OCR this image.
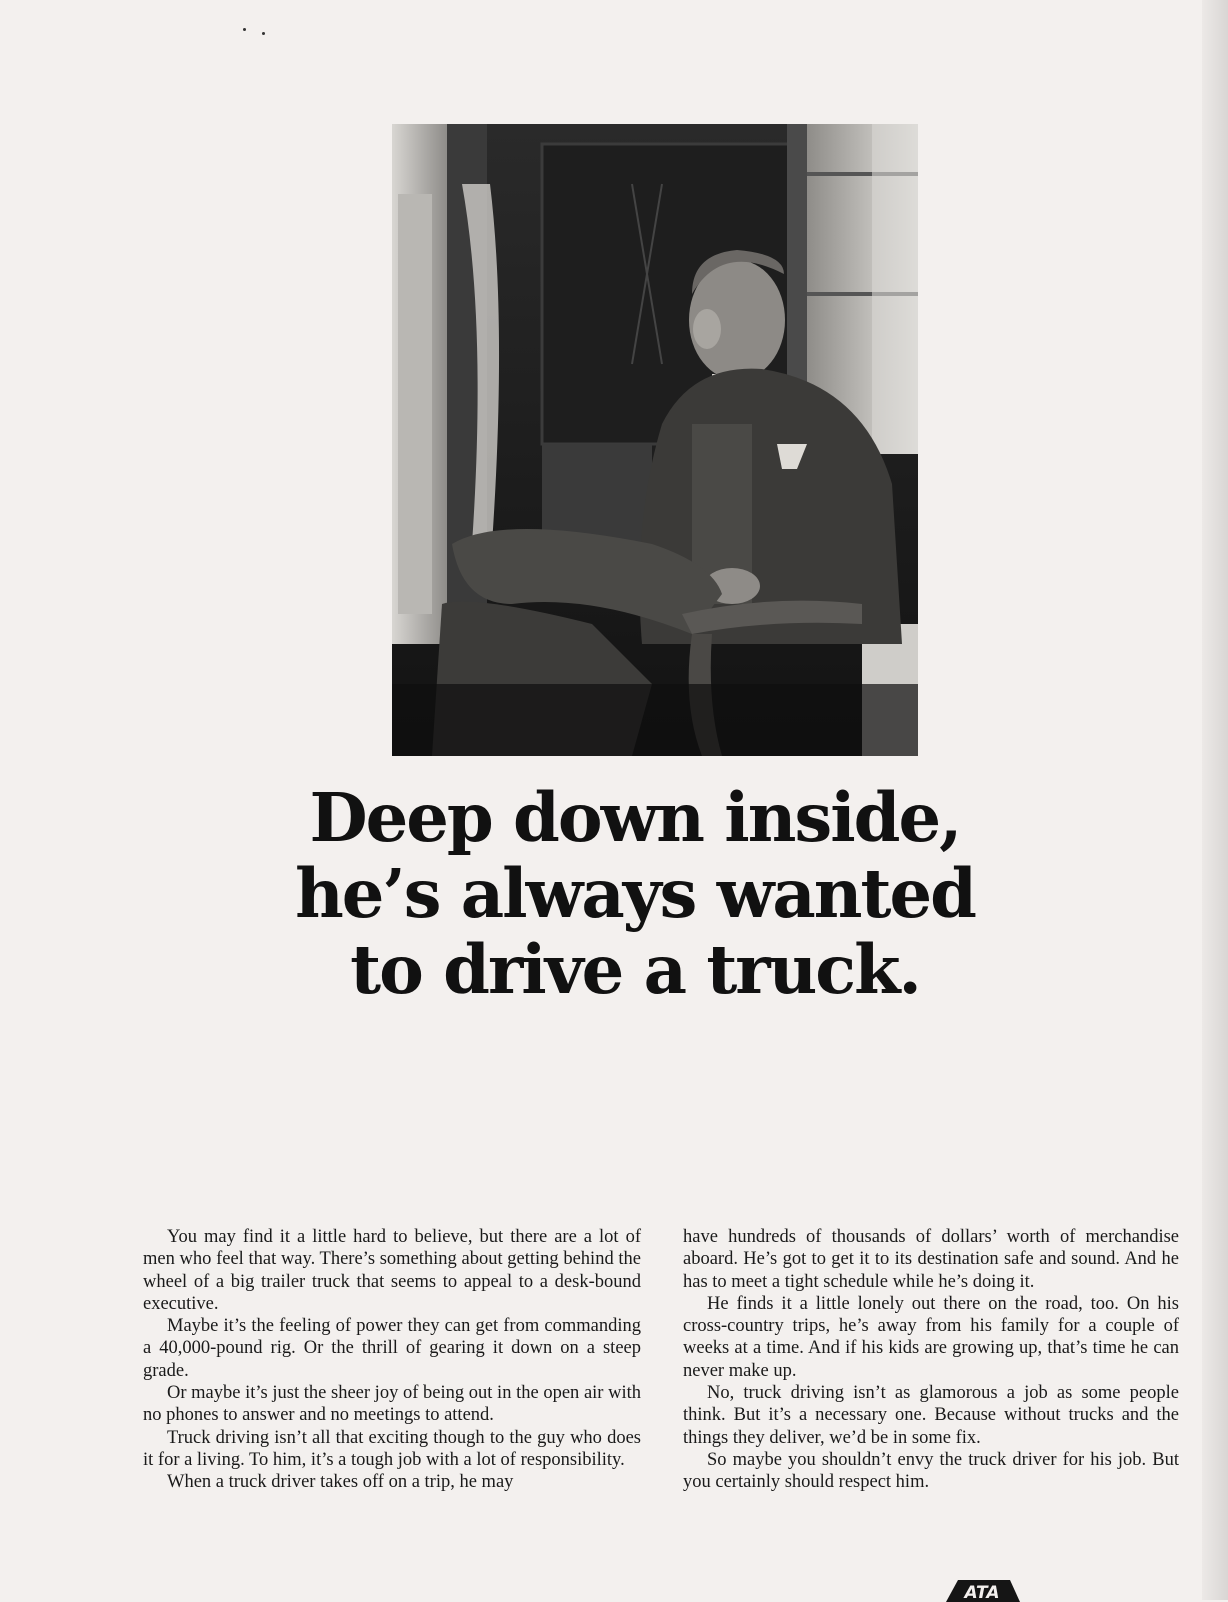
Deep down inside,
he’s always wanted
to drive a truck.

You may find it a little hard to believe, but there are a lot of men who feel that way. There’s something about getting behind the wheel of a big trailer truck that seems to appeal to a desk-bound executive.

Maybe it’s the feeling of power they can get from commanding a 40,000-pound rig. Or the thrill of gearing it down on a steep grade.

Or maybe it’s just the sheer joy of being out in the open air with no phones to answer and no meetings to attend.

Truck driving isn’t all that exciting though to the guy who does it for a living. To him, it’s a tough job with a lot of responsibility.

When a truck driver takes off on a trip, he may

have hundreds of thousands of dollars’ worth of merchandise aboard. He’s got to get it to its destination safe and sound. And he has to meet a tight schedule while he’s doing it.

He finds it a little lonely out there on the road, too. On his cross-country trips, he’s away from his family for a couple of weeks at a time. And if his kids are growing up, that’s time he can never make up.

No, truck driving isn’t as glamorous a job as some people think. But it’s a necessary one. Because without trucks and the things they deliver, we’d be in some fix.

So maybe you shouldn’t envy the truck driver for his job. But you certainly should respect him.

ATA
